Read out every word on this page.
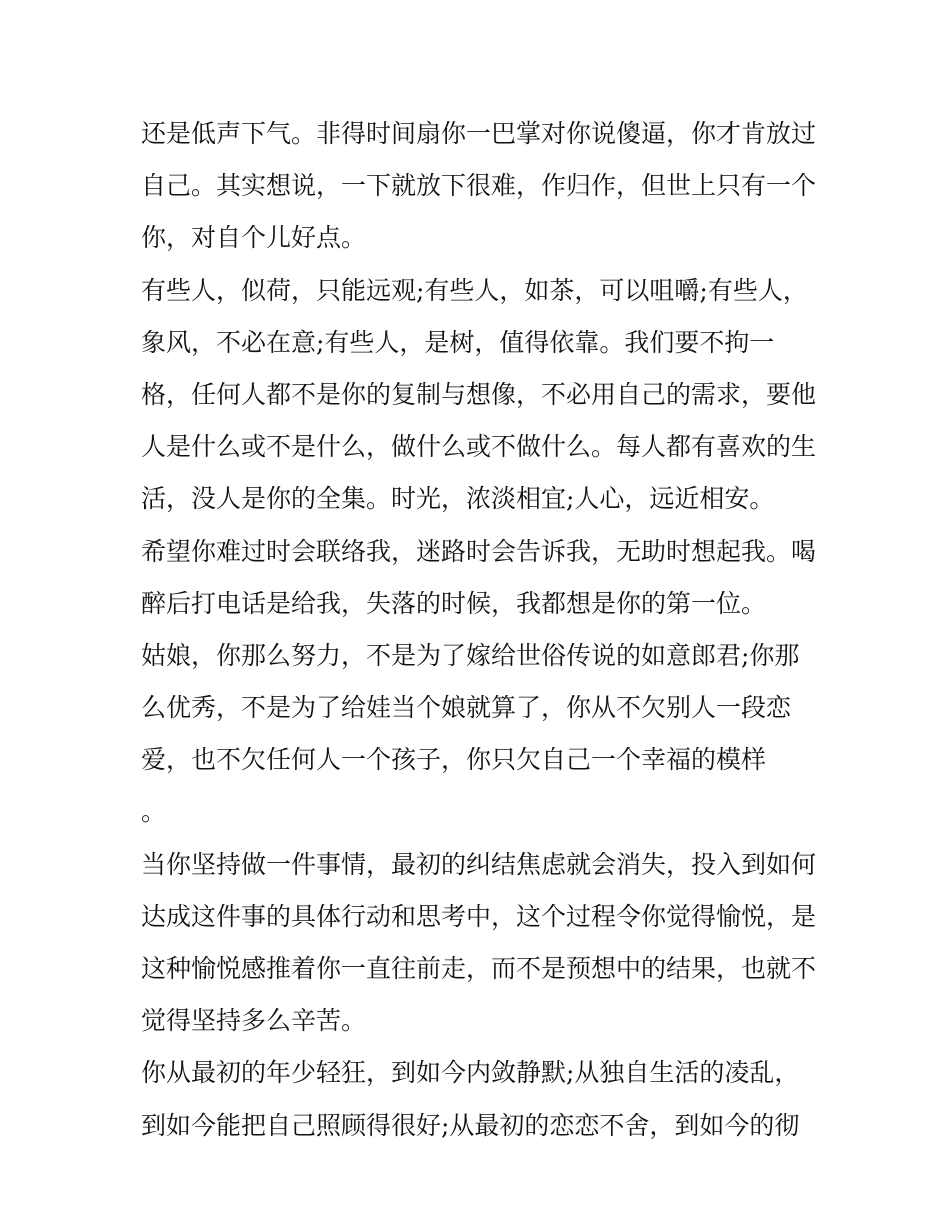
还是低声下气。非得时间扇你一巴掌对你说傻逼，你才肯放过

自己。其实想说，一下就放下很难，作归作，但世上只有一个

你，对自个儿好点。

有些人，似荷，只能远观;有些人，如茶，可以咀嚼;有些人，

象风，不必在意;有些人，是树，值得依靠。我们要不拘一

格，任何人都不是你的复制与想像，不必用自己的需求，要他

人是什么或不是什么，做什么或不做什么。每人都有喜欢的生

活，没人是你的全集。时光，浓淡相宜;人心，远近相安。

希望你难过时会联络我，迷路时会告诉我，无助时想起我。喝

醉后打电话是给我，失落的时候，我都想是你的第一位。

姑娘，你那么努力，不是为了嫁给世俗传说的如意郎君;你那

么优秀，不是为了给娃当个娘就算了，你从不欠别人一段恋

爱，也不欠任何人一个孩子，你只欠自己一个幸福的模样

。

当你坚持做一件事情，最初的纠结焦虑就会消失，投入到如何

达成这件事的具体行动和思考中，这个过程令你觉得愉悦，是

这种愉悦感推着你一直往前走，而不是预想中的结果，也就不

觉得坚持多么辛苦。

你从最初的年少轻狂，到如今内敛静默;从独自生活的凌乱，

到如今能把自己照顾得很好;从最初的恋恋不舍，到如今的彻
